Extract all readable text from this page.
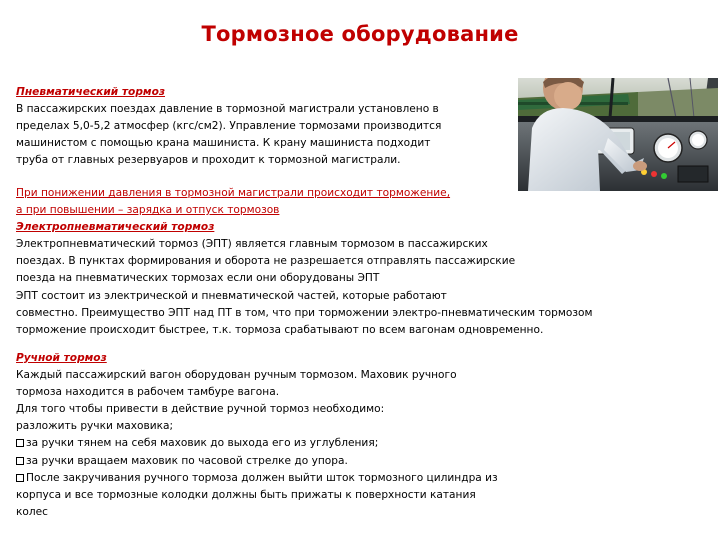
Тормозное оборудование
Пневматический тормоз
В пассажирских поездах давление в тормозной магистрали установлено в
пределах 5,0-5,2 атмосфер (кгс/см2). Управление тормозами производится
машинистом с помощью крана машиниста. К крану машиниста подходит
труба от главных резервуаров и проходит к тормозной магистрали.
При понижении давления в тормозной магистрали происходит торможение,
а при повышении – зарядка и отпуск тормозов
Электропневматический тормоз
Электропневматический тормоз (ЭПТ) является главным тормозом в пассажирских
поездах. В пунктах формирования и оборота не разрешается отправлять пассажирские
поезда на пневматических тормозах если они оборудованы ЭПТ
ЭПТ состоит из электрической и пневматической частей, которые работают
совместно. Преимущество ЭПТ над ПТ в том, что при торможении электро-пневматическим тормозом
торможение происходит быстрее, т.к. тормоза срабатывают по всем вагонам одновременно.
Ручной тормоз
Каждый пассажирский вагон оборудован ручным тормозом. Маховик ручного
тормоза находится в рабочем тамбуре вагона.
Для того чтобы привести в действие ручной тормоз необходимо:
разложить ручки маховика;
за ручки тянем на себя маховик до выхода его из углубления;
за ручки вращаем маховик по часовой стрелке до упора.
После закручивания ручного тормоза должен выйти шток тормозного цилиндра из
корпуса и все тормозные колодки должны быть прижаты к поверхности катания
колес
